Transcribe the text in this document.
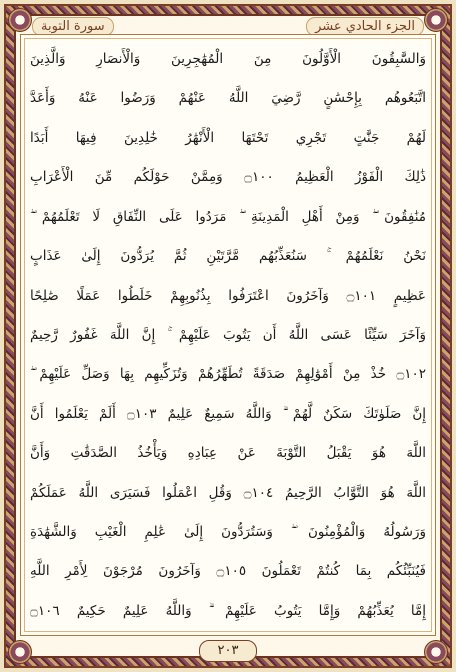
سورة التوبة	الجزء الحادي عشر
وَالسَّٰبِقُونَ الْأَوَّلُونَ مِنَ الْمُهَٰجِرِينَ وَالْأَنصَارِ وَالَّذِينَ
اتَّبَعُوهُم بِإِحْسَٰنٍ رَّضِيَ اللَّهُ عَنْهُمْ وَرَضُوا عَنْهُ وَأَعَدَّ
لَهُمْ جَنَّٰتٍ تَجْرِي تَحْتَهَا الْأَنْهَٰرُ خَٰلِدِينَ فِيهَا أَبَدًا
ذَٰلِكَ الْفَوْزُ الْعَظِيمُ ۝١٠٠ وَمِمَّنْ حَوْلَكُم مِّنَ الْأَعْرَابِ
مُنَٰفِقُونَ ۖ وَمِنْ أَهْلِ الْمَدِينَةِ ۖ مَرَدُوا عَلَى النِّفَاقِ لَا تَعْلَمُهُمْ ۖ
نَحْنُ نَعْلَمُهُمْ ۚ سَنُعَذِّبُهُم مَّرَّتَيْنِ ثُمَّ يُرَدُّونَ إِلَىٰ عَذَابٍ
عَظِيمٍ ۝١٠١ وَآخَرُونَ اعْتَرَفُوا بِذُنُوبِهِمْ خَلَطُوا عَمَلًا صَٰلِحًا
وَآخَرَ سَيِّئًا عَسَى اللَّهُ أَن يَتُوبَ عَلَيْهِمْ ۚ إِنَّ اللَّهَ غَفُورٌ رَّحِيمٌ
۝١٠٢ خُذْ مِنْ أَمْوَٰلِهِمْ صَدَقَةً تُطَهِّرُهُمْ وَتُزَكِّيهِم بِهَا وَصَلِّ عَلَيْهِمْ ۖ
إِنَّ صَلَوٰتَكَ سَكَنٌ لَّهُمْ ۗ وَاللَّهُ سَمِيعٌ عَلِيمٌ ۝١٠٣ أَلَمْ يَعْلَمُوا أَنَّ
اللَّهَ هُوَ يَقْبَلُ التَّوْبَةَ عَنْ عِبَادِهِ وَيَأْخُذُ الصَّدَقَٰتِ وَأَنَّ
اللَّهَ هُوَ التَّوَّابُ الرَّحِيمُ ۝١٠٤ وَقُلِ اعْمَلُوا فَسَيَرَى اللَّهُ عَمَلَكُمْ
وَرَسُولُهُ وَالْمُؤْمِنُونَ ۖ وَسَتُرَدُّونَ إِلَىٰ عَٰلِمِ الْغَيْبِ وَالشَّهَٰدَةِ
فَيُنَبِّئُكُم بِمَا كُنتُمْ تَعْمَلُونَ ۝١٠٥ وَآخَرُونَ مُرْجَوْنَ لِأَمْرِ اللَّهِ
إِمَّا يُعَذِّبُهُمْ وَإِمَّا يَتُوبُ عَلَيْهِمْ ۗ وَاللَّهُ عَلِيمٌ حَكِيمٌ ۝١٠٦
٢٠٣
